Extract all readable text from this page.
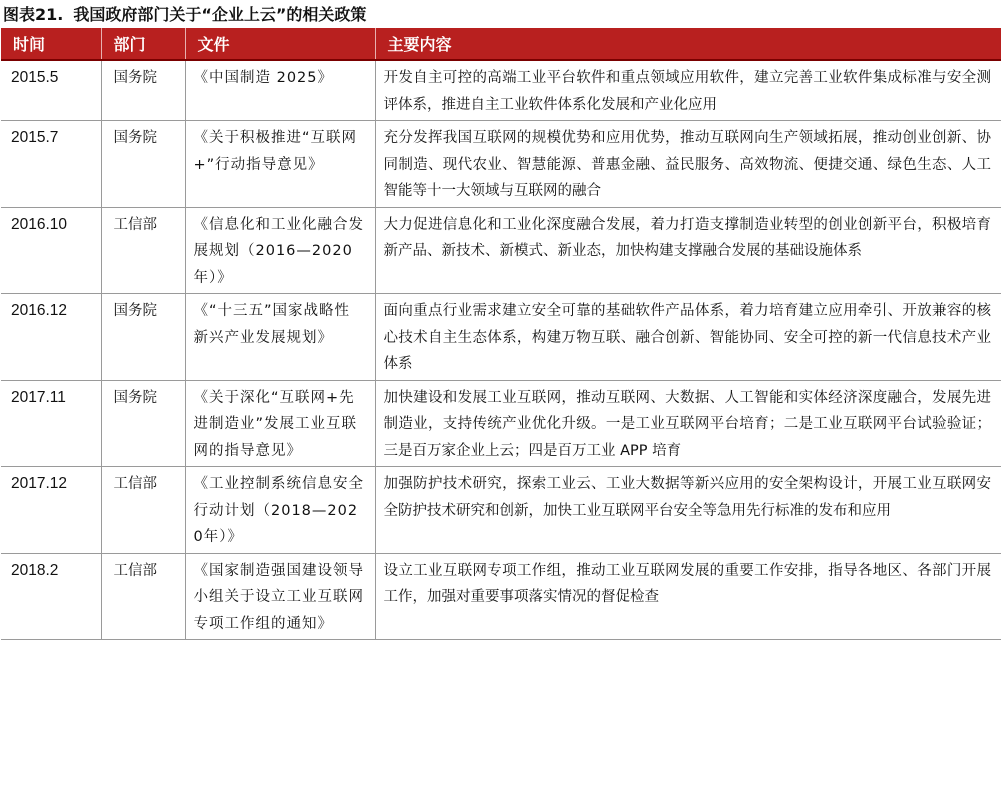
图表21. 我国政府部门关于“企业上云”的相关政策
时间	部门	文件	主要内容
2015.5	国务院	《中国制造 2025》	开发自主可控的高端工业平台软件和重点领域应用软件，建立完善工业软件集成标准与安全测评体系，推进自主工业软件体系化发展和产业化应用
2015.7	国务院	《关于积极推进“互联网+”行动指导意见》	充分发挥我国互联网的规模优势和应用优势，推动互联网向生产领域拓展，推动创业创新、协同制造、现代农业、智慧能源、普惠金融、益民服务、高效物流、便捷交通、绿色生态、人工智能等十一大领域与互联网的融合
2016.10	工信部	《信息化和工业化融合发展规划（2016—2020 年）》	大力促进信息化和工业化深度融合发展，着力打造支撑制造业转型的创业创新平台，积极培育新产品、新技术、新模式、新业态，加快构建支撑融合发展的基础设施体系
2016.12	国务院	《“十三五”国家战略性新兴产业发展规划》	面向重点行业需求建立安全可靠的基础软件产品体系，着力培育建立应用牵引、开放兼容的核心技术自主生态体系，构建万物互联、融合创新、智能协同、安全可控的新一代信息技术产业体系
2017.11	国务院	《关于深化“互联网+先进制造业”发展工业互联网的指导意见》	加快建设和发展工业互联网，推动互联网、大数据、人工智能和实体经济深度融合，发展先进制造业，支持传统产业优化升级。一是工业互联网平台培育；二是工业互联网平台试验验证；三是百万家企业上云；四是百万工业 APP 培育
2017.12	工信部	《工业控制系统信息安全行动计划（2018—2020年）》	加强防护技术研究，探索工业云、工业大数据等新兴应用的安全架构设计，开展工业互联网安全防护技术研究和创新，加快工业互联网平台安全等急用先行标准的发布和应用
2018.2	工信部	《国家制造强国建设领导小组关于设立工业互联网专项工作组的通知》	设立工业互联网专项工作组，推动工业互联网发展的重要工作安排，指导各地区、各部门开展工作，加强对重要事项落实情况的督促检查
